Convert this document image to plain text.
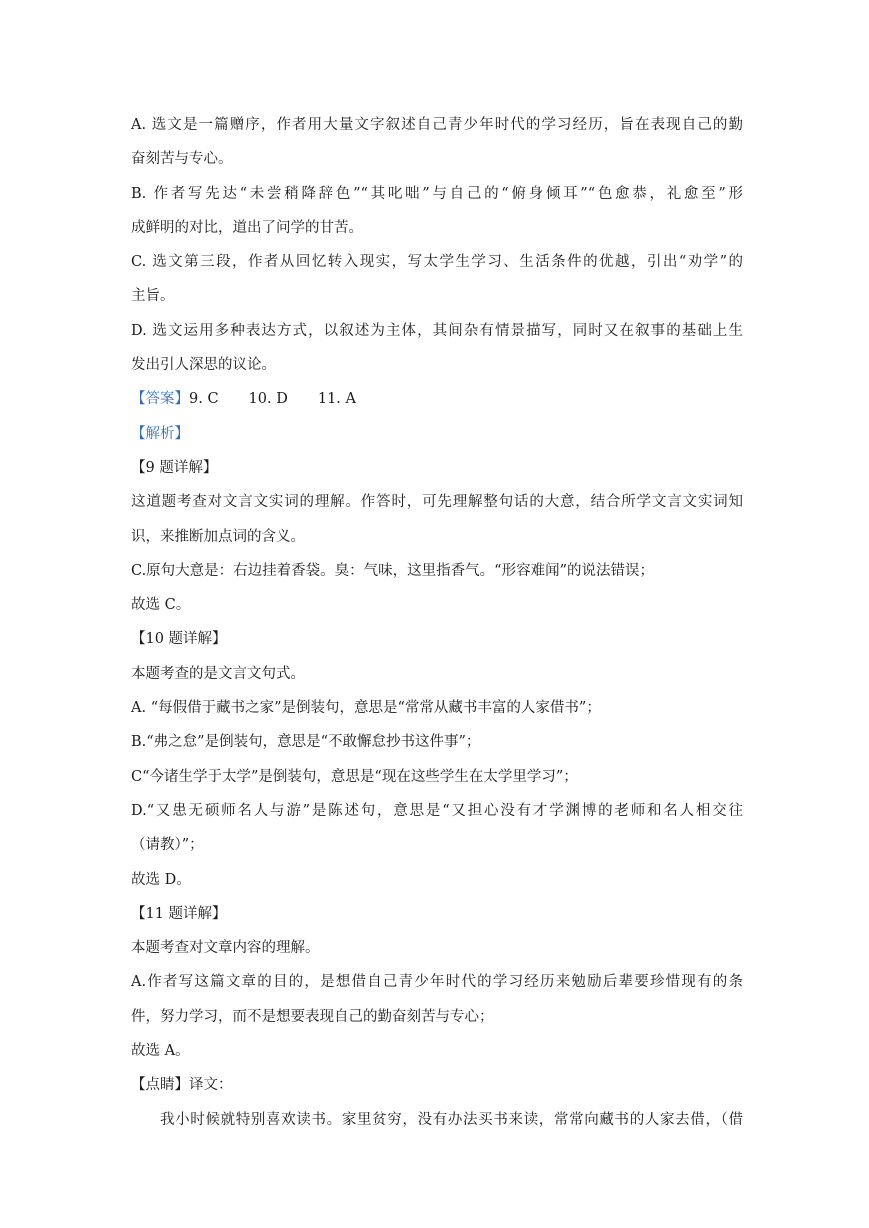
A. 选文是一篇赠序，作者用大量文字叙述自己青少年时代的学习经历，旨在表现自己的勤
奋刻苦与专心。
B. 作者写先达“未尝稍降辞色”“其叱咄”与自己的“俯身倾耳”“色愈恭，礼愈至”形
成鲜明的对比，道出了问学的甘苦。
C. 选文第三段，作者从回忆转入现实，写太学生学习、生活条件的优越，引出“劝学”的
主旨。
D. 选文运用多种表达方式，以叙述为主体，其间杂有情景描写，同时又在叙事的基础上生
发出引人深思的议论。
【答案】9. C 10. D 11. A
【解析】
【9 题详解】
这道题考查对文言文实词的理解。作答时，可先理解整句话的大意，结合所学文言文实词知
识，来推断加点词的含义。
C.原句大意是：右边挂着香袋。臭：气味，这里指香气。“形容难闻”的说法错误；
故选 C。
【10 题详解】
本题考查的是文言文句式。
A. “每假借于藏书之家”是倒装句，意思是“常常从藏书丰富的人家借书”；
B.“弗之怠”是倒装句，意思是“不敢懈怠抄书这件事”；
C“今诸生学于太学”是倒装句，意思是“现在这些学生在太学里学习”；
D.“又患无硕师名人与游”是陈述句，意思是“又担心没有才学渊博的老师和名人相交往
（请教）”；
故选 D。
【11 题详解】
本题考查对文章内容的理解。
A.作者写这篇文章的目的，是想借自己青少年时代的学习经历来勉励后辈要珍惜现有的条
件，努力学习，而不是想要表现自己的勤奋刻苦与专心；
故选 A。
【点睛】译文：
我小时候就特别喜欢读书。家里贫穷，没有办法买书来读，常常向藏书的人家去借，（借
